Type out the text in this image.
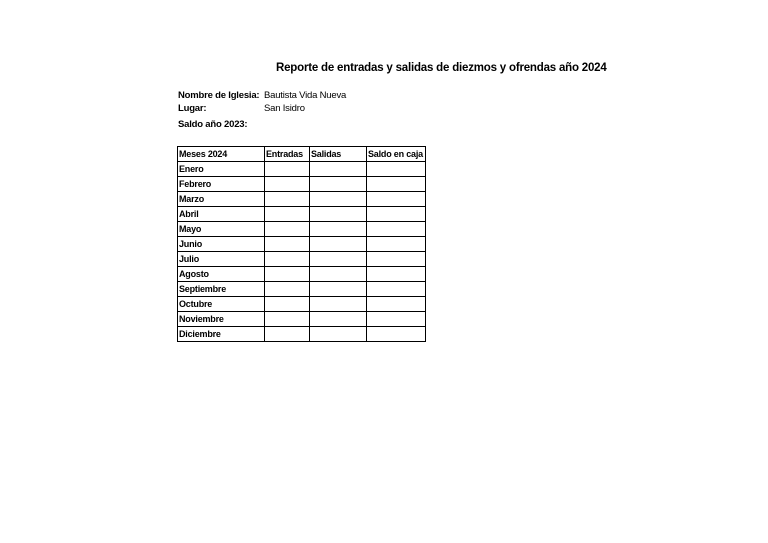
Reporte de entradas y salidas de diezmos y ofrendas año 2024
Nombre de Iglesia: Bautista Vida Nueva
Lugar:	San Isidro
Saldo año 2023:
Meses 2024	Entradas	Salidas	Saldo en caja
Enero			
Febrero			
Marzo			
Abril			
Mayo			
Junio			
Julio			
Agosto			
Septiembre			
Octubre			
Noviembre			
Diciembre			
